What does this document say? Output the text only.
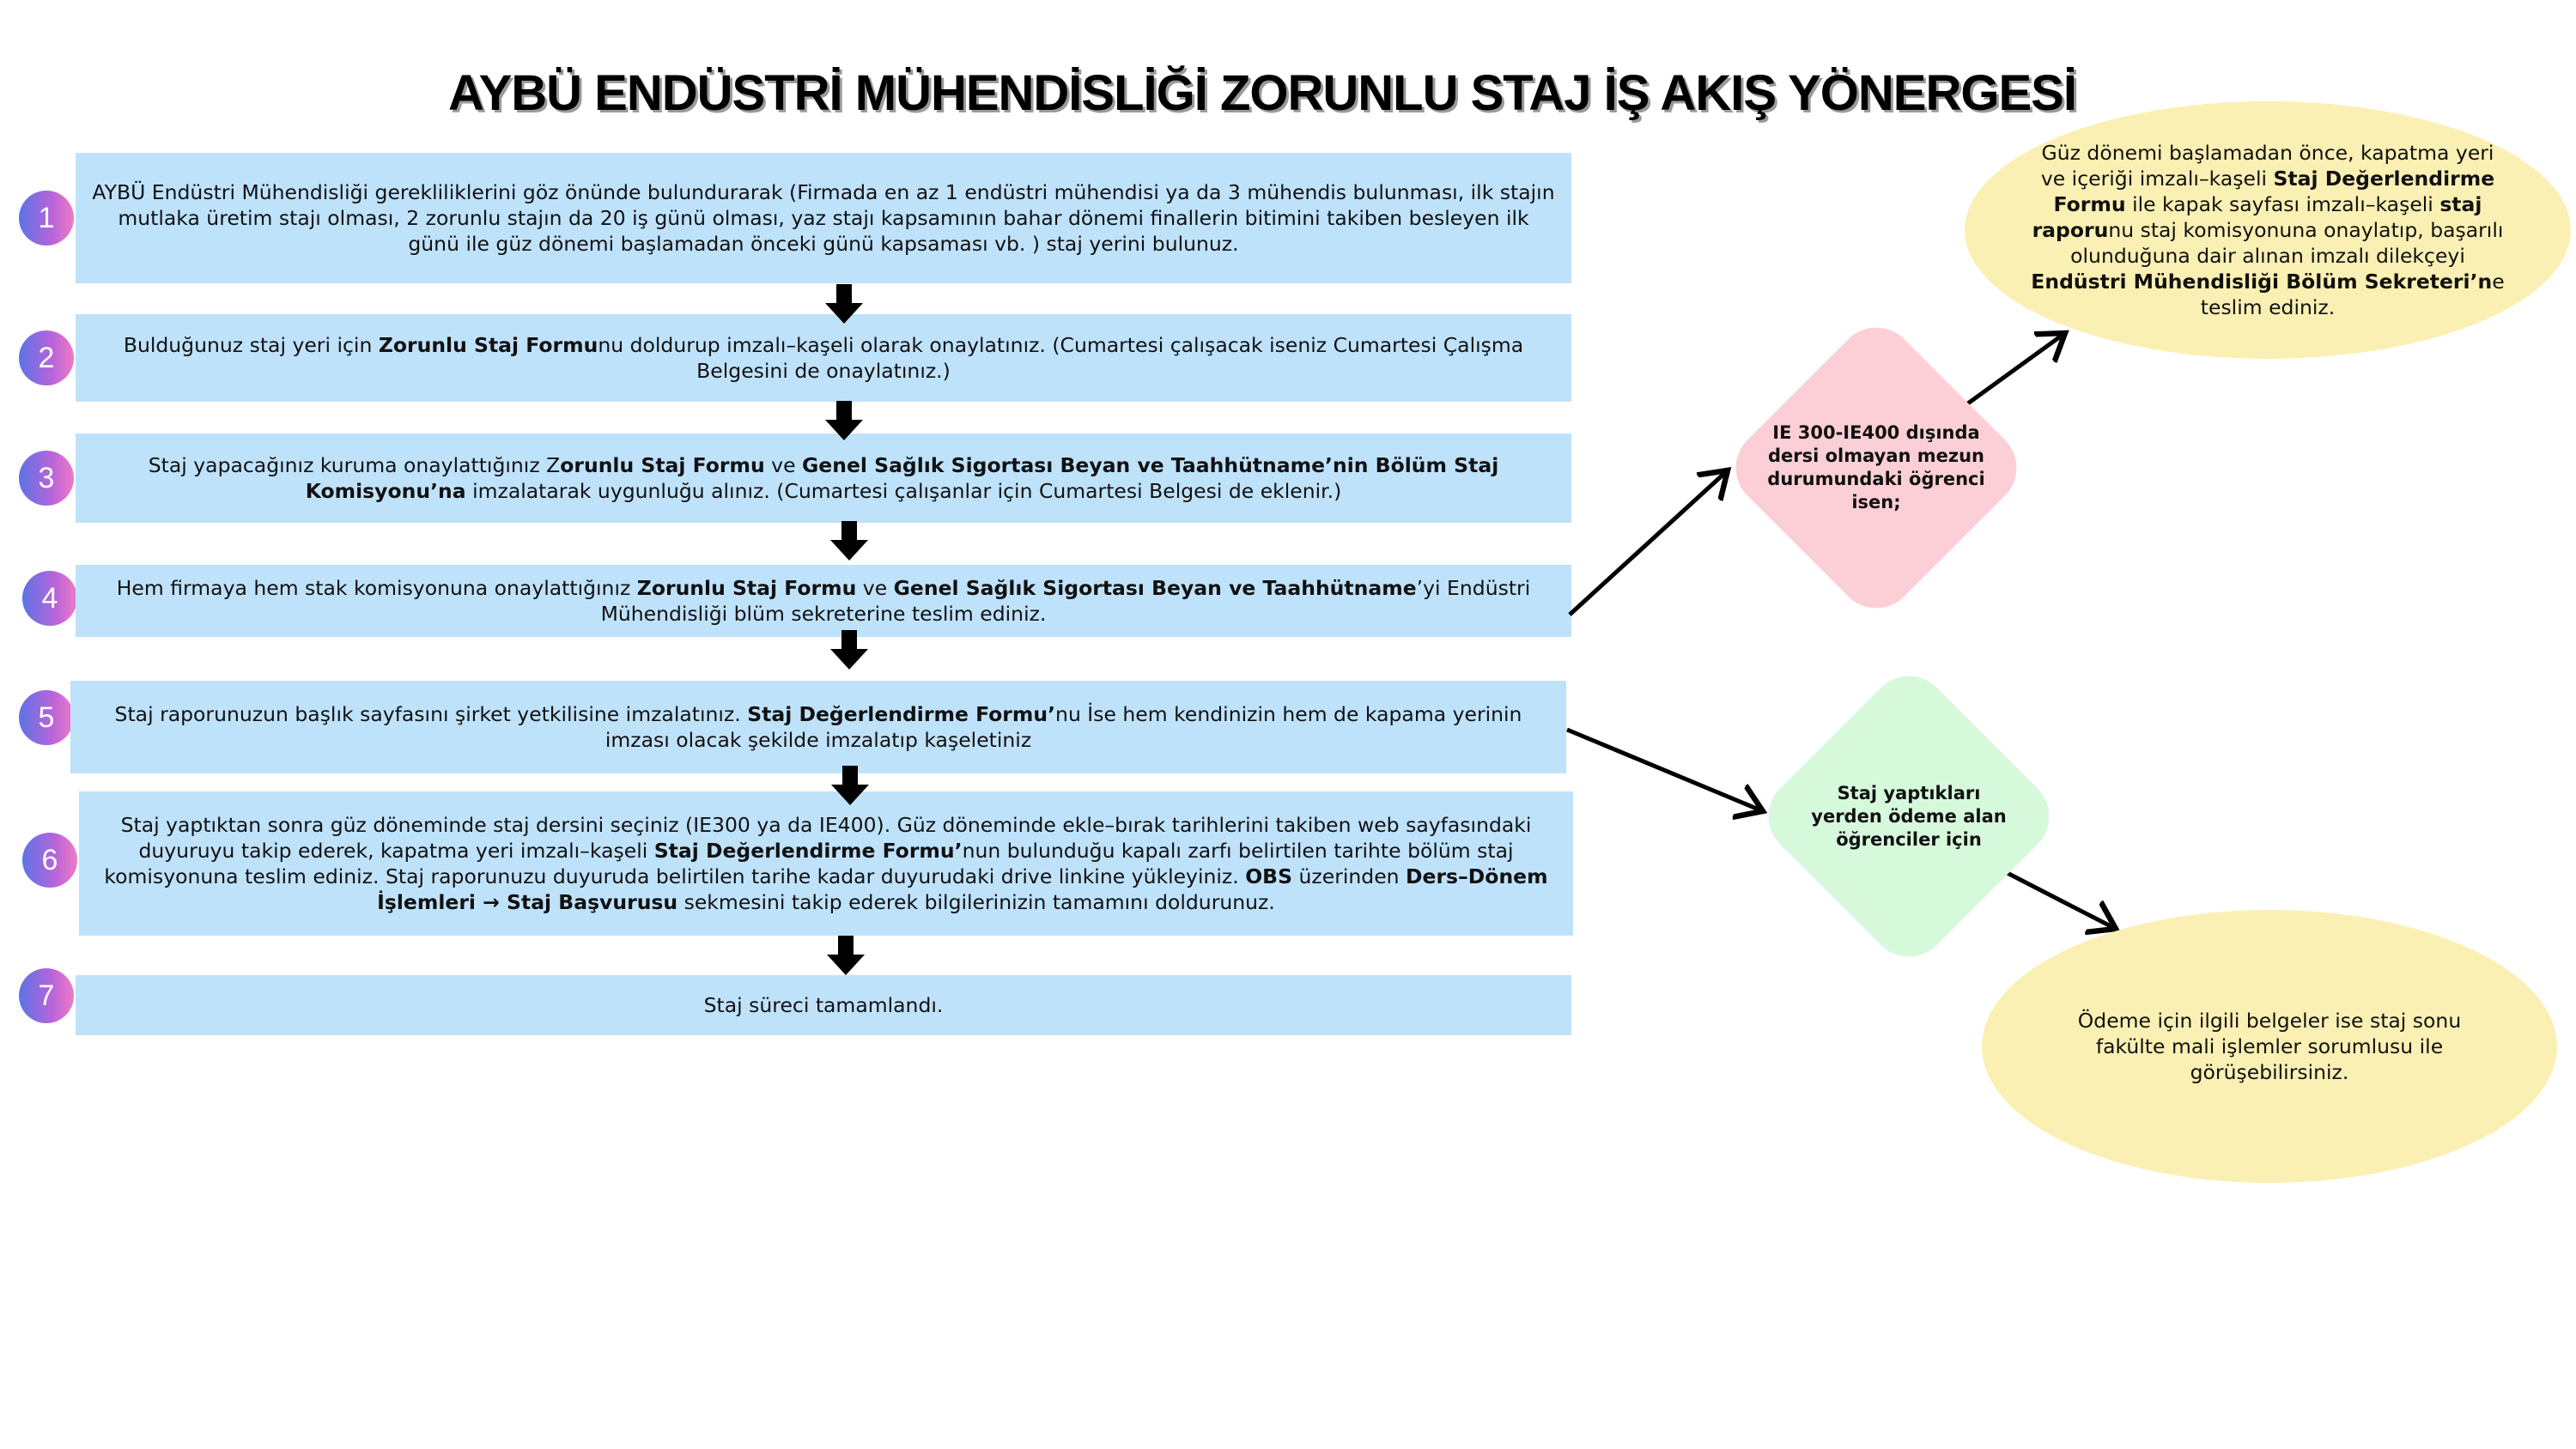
AYBÜ ENDÜSTRİ MÜHENDİSLİĞİ ZORUNLU STAJ İŞ AKIŞ YÖNERGESİ
1
AYBÜ Endüstri Mühendisliği gerekliliklerini göz önünde bulundurarak (Firmada en az 1 endüstri mühendisi ya da 3 mühendis bulunması, ilk stajın mutlaka üretim stajı olması, 2 zorunlu stajın da 20 iş günü olması, yaz stajı kapsamının bahar dönemi finallerin bitimini takiben besleyen ilk günü ile güz dönemi başlamadan önceki günü kapsaması vb. ) staj yerini bulunuz.
2	Bulduğunuz staj yeri için Zorunlu Staj Formunu doldurup imzalı–kaşeli olarak onaylatınız. (Cumartesi çalışacak iseniz Cumartesi Çalışma Belgesini de onaylatınız.)
3	Staj yapacağınız kuruma onaylattığınız Zorunlu Staj Formu ve Genel Sağlık Sigortası Beyan ve Taahhütname’nin Bölüm Staj Komisyonu’na imzalatarak uygunluğu alınız. (Cumartesi çalışanlar için Cumartesi Belgesi de eklenir.)
4	Hem firmaya hem stak komisyonuna onaylattığınız Zorunlu Staj Formu ve Genel Sağlık Sigortası Beyan ve Taahhütname’yi Endüstri Mühendisliği blüm sekreterine teslim ediniz.
5	Staj raporunuzun başlık sayfasını şirket yetkilisine imzalatınız. Staj Değerlendirme Formu’nu İse hem kendinizin hem de kapama yerinin imzası olacak şekilde imzalatıp kaşeletiniz
6
Staj yaptıktan sonra güz döneminde staj dersini seçiniz (IE300 ya da IE400). Güz döneminde ekle–bırak tarihlerini takiben web sayfasındaki duyuruyu takip ederek, kapatma yeri imzalı–kaşeli Staj Değerlendirme Formu’nun bulunduğu kapalı zarfı belirtilen tarihte bölüm staj komisyonuna teslim ediniz. Staj raporunuzu duyuruda belirtilen tarihe kadar duyurudaki drive linkine yükleyiniz. OBS üzerinden Ders–Dönem İşlemleri → Staj Başvurusu sekmesini takip ederek bilgilerinizin tamamını doldurunuz.
7	Staj süreci tamamlandı.
IE 300-IE400 dışında dersi olmayan mezun durumundaki öğrenci isen;
Staj yaptıkları yerden ödeme alan öğrenciler için
Güz dönemi başlamadan önce, kapatma yeri ve içeriği imzalı–kaşeli Staj Değerlendirme Formu ile kapak sayfası imzalı–kaşeli staj raporunu staj komisyonuna onaylatıp, başarılı olunduğuna dair alınan imzalı dilekçeyi Endüstri Mühendisliği Bölüm Sekreteri’ne teslim ediniz.
Ödeme için ilgili belgeler ise staj sonu fakülte mali işlemler sorumlusu ile görüşebilirsiniz.
